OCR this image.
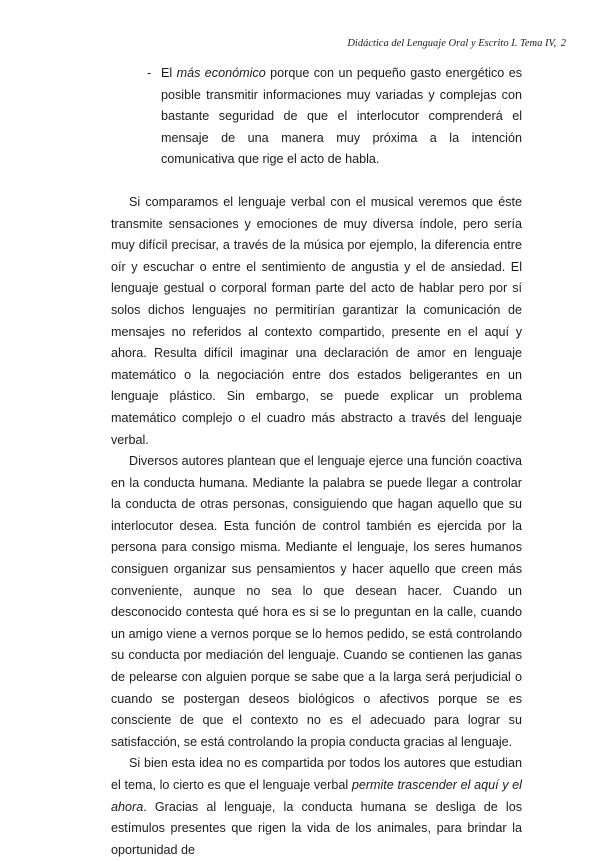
Didáctica del Lenguaje Oral y Escrito I. Tema IV, 2

- El más económico porque con un pequeño gasto energético es posible transmitir informaciones muy variadas y complejas con bastante seguridad de que el interlocutor comprenderá el mensaje de una manera muy próxima a la intención comunicativa que rige el acto de habla.

Si comparamos el lenguaje verbal con el musical veremos que éste transmite sensaciones y emociones de muy diversa índole, pero sería muy difícil precisar, a través de la música por ejemplo, la diferencia entre oír y escuchar o entre el sentimiento de angustia y el de ansiedad. El lenguaje gestual o corporal forman parte del acto de hablar pero por sí solos dichos lenguajes no permitirían garantizar la comunicación de mensajes no referidos al contexto compartido, presente en el aquí y ahora. Resulta difícil imaginar una declaración de amor en lenguaje matemático o la negociación entre dos estados beligerantes en un lenguaje plástico. Sin embargo, se puede explicar un problema matemático complejo o el cuadro más abstracto a través del lenguaje verbal.

Diversos autores plantean que el lenguaje ejerce una función coactiva en la conducta humana. Mediante la palabra se puede llegar a controlar la conducta de otras personas, consiguiendo que hagan aquello que su interlocutor desea. Esta función de control también es ejercida por la persona para consigo misma. Mediante el lenguaje, los seres humanos consiguen organizar sus pensamientos y hacer aquello que creen más conveniente, aunque no sea lo que desean hacer. Cuando un desconocido contesta qué hora es si se lo preguntan en la calle, cuando un amigo viene a vernos porque se lo hemos pedido, se está controlando su conducta por mediación del lenguaje. Cuando se contienen las ganas de pelearse con alguien porque se sabe que a la larga será perjudicial o cuando se postergan deseos biológicos o afectivos porque se es consciente de que el contexto no es el adecuado para lograr su satisfacción, se está controlando la propia conducta gracias al lenguaje.

Si bien esta idea no es compartida por todos los autores que estudian el tema, lo cierto es que el lenguaje verbal permite trascender el aquí y el ahora. Gracias al lenguaje, la conducta humana se desliga de los estímulos presentes que rigen la vida de los animales, para brindar la oportunidad de
